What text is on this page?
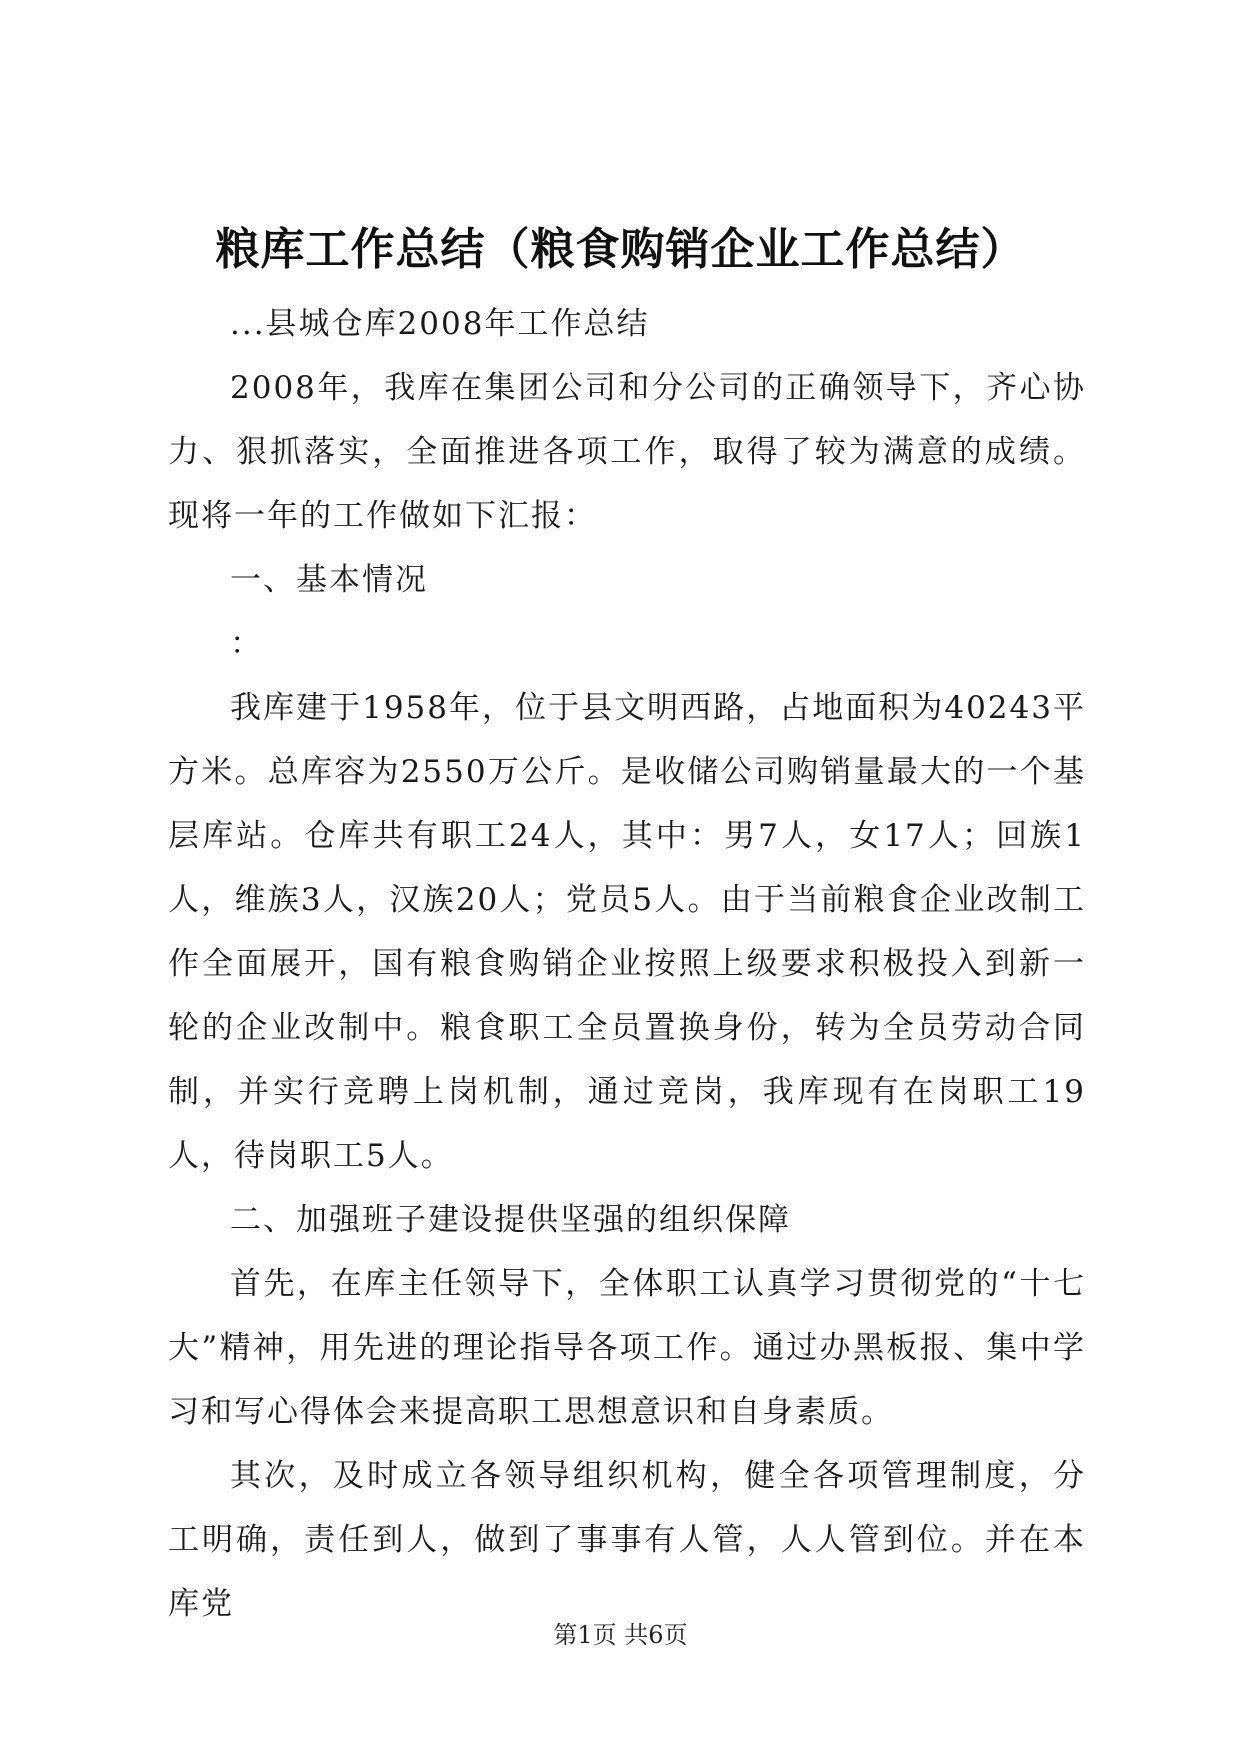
粮库工作总结（粮食购销企业工作总结）

...县城仓库2008年工作总结

2008年，我库在集团公司和分公司的正确领导下，齐心协力、狠抓落实，全面推进各项工作，取得了较为满意的成绩。现将一年的工作做如下汇报：

一、基本情况

：

我库建于1958年，位于县文明西路，占地面积为40243平方米。总库容为2550万公斤。是收储公司购销量最大的一个基层库站。仓库共有职工24人，其中：男7人，女17人；回族1人，维族3人，汉族20人；党员5人。由于当前粮食企业改制工作全面展开，国有粮食购销企业按照上级要求积极投入到新一轮的企业改制中。粮食职工全员置换身份，转为全员劳动合同制，并实行竞聘上岗机制，通过竞岗，我库现有在岗职工19人，待岗职工5人。

二、加强班子建设提供坚强的组织保障

首先，在库主任领导下，全体职工认真学习贯彻党的“十七大”精神，用先进的理论指导各项工作。通过办黑板报、集中学习和写心得体会来提高职工思想意识和自身素质。

其次，及时成立各领导组织机构，健全各项管理制度，分工明确，责任到人，做到了事事有人管，人人管到位。并在本库党

第1页 共6页
